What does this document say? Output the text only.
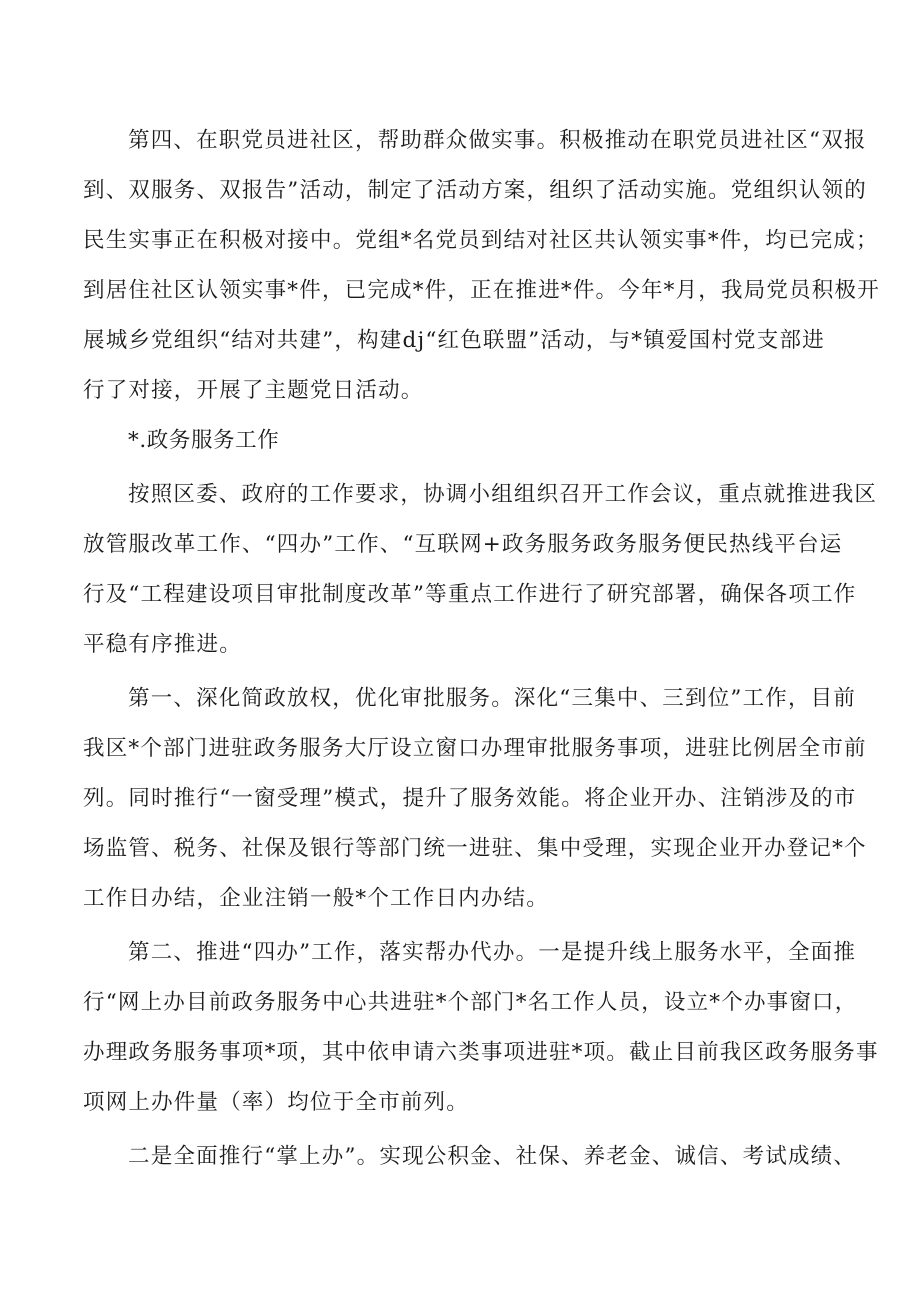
第四、在职党员进社区，帮助群众做实事。积极推动在职党员进社区“双报
到、双服务、双报告”活动，制定了活动方案，组织了活动实施。党组织认领的
民生实事正在积极对接中。党组*名党员到结对社区共认领实事*件，均已完成；
到居住社区认领实事*件，已完成*件，正在推进*件。今年*月，我局党员积极开
展城乡党组织“结对共建”，构建dj“红色联盟”活动，与*镇爱国村党支部进
行了对接，开展了主题党日活动。
*.政务服务工作
按照区委、政府的工作要求，协调小组组织召开工作会议，重点就推进我区
放管服改革工作、“四办”工作、“互联网+政务服务政务服务便民热线平台运
行及“工程建设项目审批制度改革”等重点工作进行了研究部署，确保各项工作
平稳有序推进。
第一、深化简政放权，优化审批服务。深化“三集中、三到位”工作，目前
我区*个部门进驻政务服务大厅设立窗口办理审批服务事项，进驻比例居全市前
列。同时推行“一窗受理”模式，提升了服务效能。将企业开办、注销涉及的市
场监管、税务、社保及银行等部门统一进驻、集中受理，实现企业开办登记*个
工作日办结，企业注销一般*个工作日内办结。
第二、推进“四办”工作，落实帮办代办。一是提升线上服务水平，全面推
行“网上办目前政务服务中心共进驻*个部门*名工作人员，设立*个办事窗口，
办理政务服务事项*项，其中依申请六类事项进驻*项。截止目前我区政务服务事
项网上办件量（率）均位于全市前列。
二是全面推行“掌上办”。实现公积金、社保、养老金、诚信、考试成绩、
